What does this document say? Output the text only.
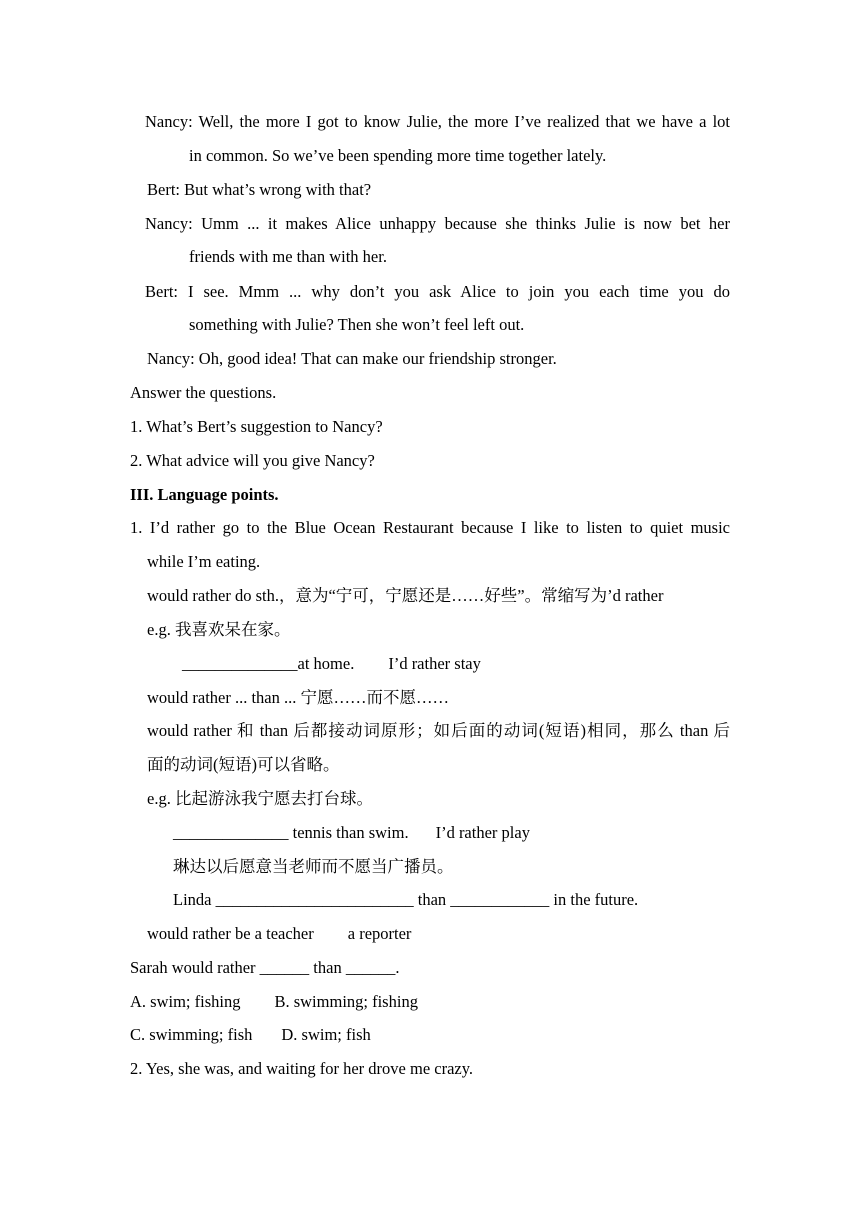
Nancy: Well, the more I got to know Julie, the more I’ve realized that we have a lot
in common. So we’ve been spending more time together lately.
Bert: But what’s wrong with that?
Nancy: Umm ... it makes Alice unhappy because she thinks Julie is now bet her
friends with me than with her.
Bert: I see. Mmm ... why don’t you ask Alice to join you each time you do
something with Julie? Then she won’t feel left out.
Nancy: Oh, good idea! That can make our friendship stronger.
Answer the questions.
1. What’s Bert’s suggestion to Nancy?
2. What advice will you give Nancy?
III. Language points.
1. I’d rather go to the Blue Ocean Restaurant because I like to listen to quiet music
while I’m eating.
would rather do sth.，意为“宁可，宁愿还是……好些”。常缩写为’d rather
e.g. 我喜欢呆在家。
______________at home. I’d rather stay
would rather ... than ... 宁愿……而不愿……
would rather 和 than 后都接动词原形；如后面的动词(短语)相同，那么 than 后
面的动词(短语)可以省略。
e.g. 比起游泳我宁愿去打台球。
______________ tennis than swim. I’d rather play
琳达以后愿意当老师而不愿当广播员。
Linda ________________________ than ____________ in the future.
would rather be a teacher a reporter
Sarah would rather ______ than ______.
A. swim; fishing B. swimming; fishing
C. swimming; fish D. swim; fish
2. Yes, she was, and waiting for her drove me crazy.
